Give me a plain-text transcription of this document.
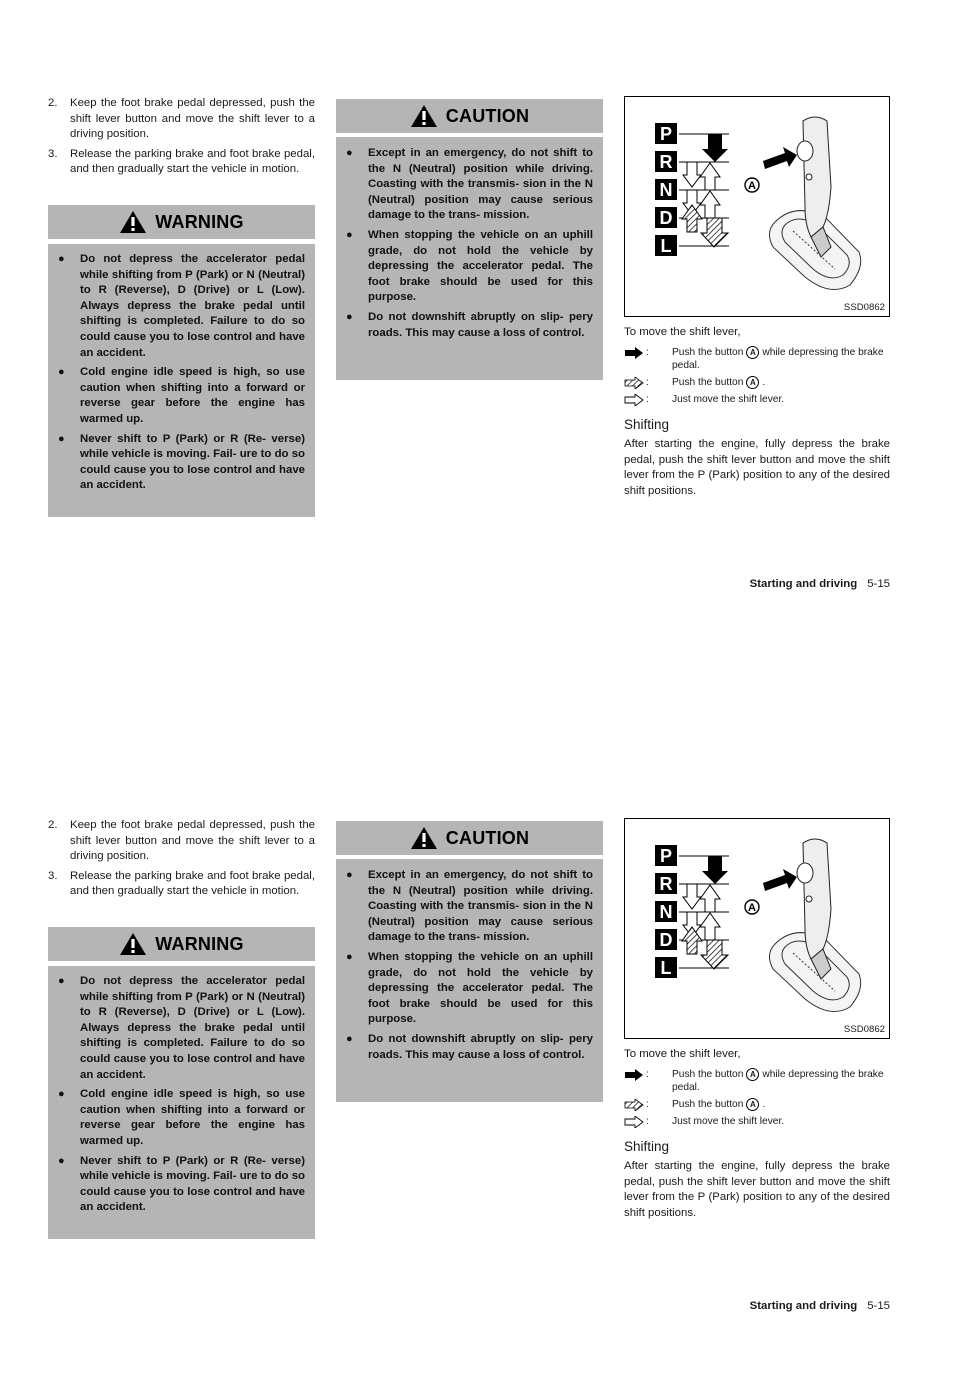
2.	Keep the foot brake pedal depressed, push the shift lever button and move the shift lever to a driving position.
3.	Release the parking brake and foot brake pedal, and then gradually start the vehicle in motion.
WARNING
●	Do not depress the accelerator pedal while shifting from P (Park) or N (Neutral) to R (Reverse), D (Drive) or L (Low). Always depress the brake pedal until shifting is completed. Failure to do so could cause you to lose control and have an accident.
●	Cold engine idle speed is high, so use caution when shifting into a forward or reverse gear before the engine has warmed up.
●	Never shift to P (Park) or R (Re- verse) while vehicle is moving. Fail- ure to do so could cause you to lose control and have an accident.
CAUTION
●	Except in an emergency, do not shift to the N (Neutral) position while driving. Coasting with the transmis- sion in the N (Neutral) position may cause serious damage to the trans- mission.
●	When stopping the vehicle on an uphill grade, do not hold the vehicle by depressing the accelerator pedal. The foot brake should be used for this purpose.
●	Do not downshift abruptly on slip- pery roads. This may cause a loss of control.
P
R
N
D
L
A
SSD0862
To move the shift lever,
: Push the button A while depressing the brake pedal.
: Push the button A .
: Just move the shift lever.
Shifting
After starting the engine, fully depress the brake pedal, push the shift lever button and move the shift lever from the P (Park) position to any of the desired shift positions.
Starting and driving 5-15
2.	Keep the foot brake pedal depressed, push the shift lever button and move the shift lever to a driving position.
3.	Release the parking brake and foot brake pedal, and then gradually start the vehicle in motion.
WARNING
●	Do not depress the accelerator pedal while shifting from P (Park) or N (Neutral) to R (Reverse), D (Drive) or L (Low). Always depress the brake pedal until shifting is completed. Failure to do so could cause you to lose control and have an accident.
●	Cold engine idle speed is high, so use caution when shifting into a forward or reverse gear before the engine has warmed up.
●	Never shift to P (Park) or R (Re- verse) while vehicle is moving. Fail- ure to do so could cause you to lose control and have an accident.
CAUTION
●	Except in an emergency, do not shift to the N (Neutral) position while driving. Coasting with the transmis- sion in the N (Neutral) position may cause serious damage to the trans- mission.
●	When stopping the vehicle on an uphill grade, do not hold the vehicle by depressing the accelerator pedal. The foot brake should be used for this purpose.
●	Do not downshift abruptly on slip- pery roads. This may cause a loss of control.
P
R
N
D
L
A
SSD0862
To move the shift lever,
: Push the button A while depressing the brake pedal.
: Push the button A .
: Just move the shift lever.
Shifting
After starting the engine, fully depress the brake pedal, push the shift lever button and move the shift lever from the P (Park) position to any of the desired shift positions.
Starting and driving 5-15
